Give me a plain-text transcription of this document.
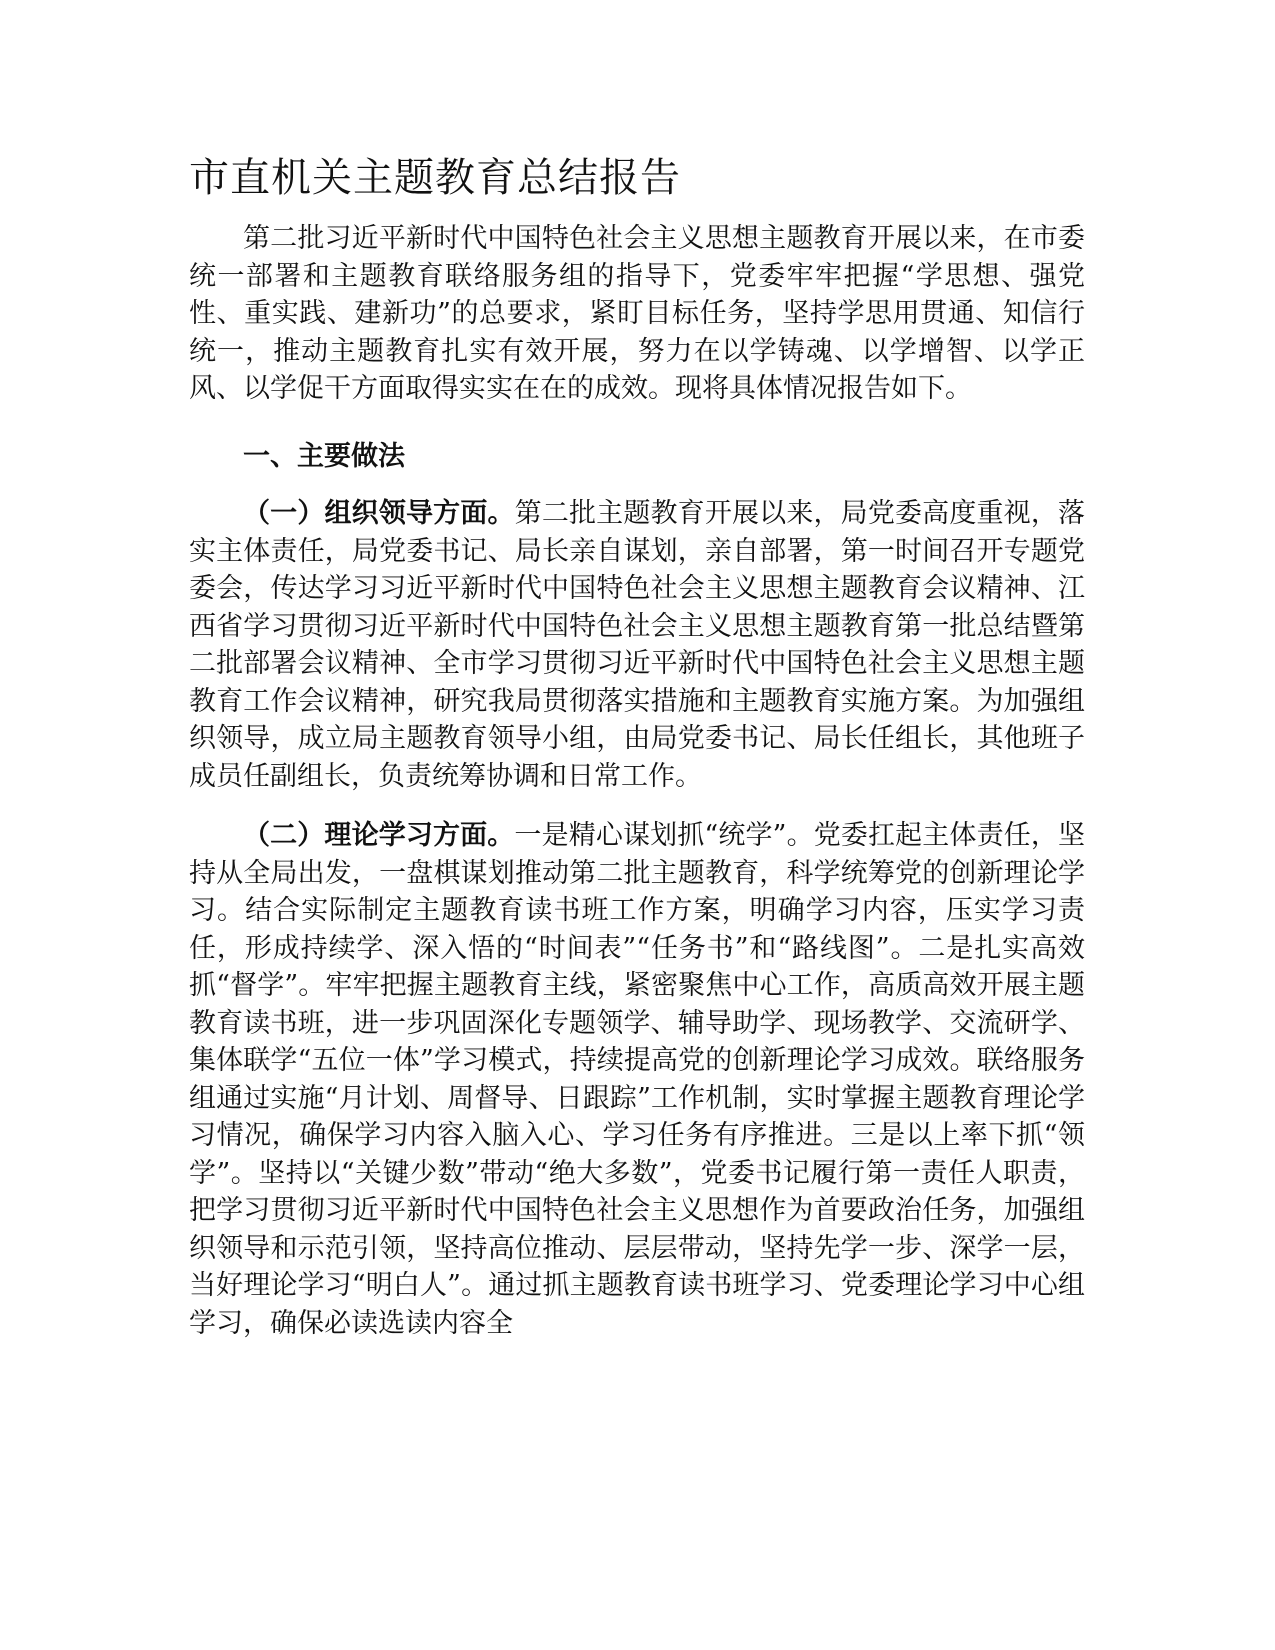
市直机关主题教育总结报告

第二批习近平新时代中国特色社会主义思想主题教育开展以来，在市委统一部署和主题教育联络服务组的指导下，党委牢牢把握“学思想、强党性、重实践、建新功”的总要求，紧盯目标任务，坚持学思用贯通、知信行统一，推动主题教育扎实有效开展，努力在以学铸魂、以学增智、以学正风、以学促干方面取得实实在在的成效。现将具体情况报告如下。

一、主要做法

（一）组织领导方面。第二批主题教育开展以来，局党委高度重视，落实主体责任，局党委书记、局长亲自谋划，亲自部署，第一时间召开专题党委会，传达学习习近平新时代中国特色社会主义思想主题教育会议精神、江西省学习贯彻习近平新时代中国特色社会主义思想主题教育第一批总结暨第二批部署会议精神、全市学习贯彻习近平新时代中国特色社会主义思想主题教育工作会议精神，研究我局贯彻落实措施和主题教育实施方案。为加强组织领导，成立局主题教育领导小组，由局党委书记、局长任组长，其他班子成员任副组长，负责统筹协调和日常工作。

（二）理论学习方面。一是精心谋划抓“统学”。党委扛起主体责任，坚持从全局出发，一盘棋谋划推动第二批主题教育，科学统筹党的创新理论学习。结合实际制定主题教育读书班工作方案，明确学习内容，压实学习责任，形成持续学、深入悟的“时间表”“任务书”和“路线图”。二是扎实高效抓“督学”。牢牢把握主题教育主线，紧密聚焦中心工作，高质高效开展主题教育读书班，进一步巩固深化专题领学、辅导助学、现场教学、交流研学、集体联学“五位一体”学习模式，持续提高党的创新理论学习成效。联络服务组通过实施“月计划、周督导、日跟踪”工作机制，实时掌握主题教育理论学习情况，确保学习内容入脑入心、学习任务有序推进。三是以上率下抓“领学”。坚持以“关键少数”带动“绝大多数”，党委书记履行第一责任人职责，把学习贯彻习近平新时代中国特色社会主义思想作为首要政治任务，加强组织领导和示范引领，坚持高位推动、层层带动，坚持先学一步、深学一层，当好理论学习“明白人”。通过抓主题教育读书班学习、党委理论学习中心组学习，确保必读选读内容全
